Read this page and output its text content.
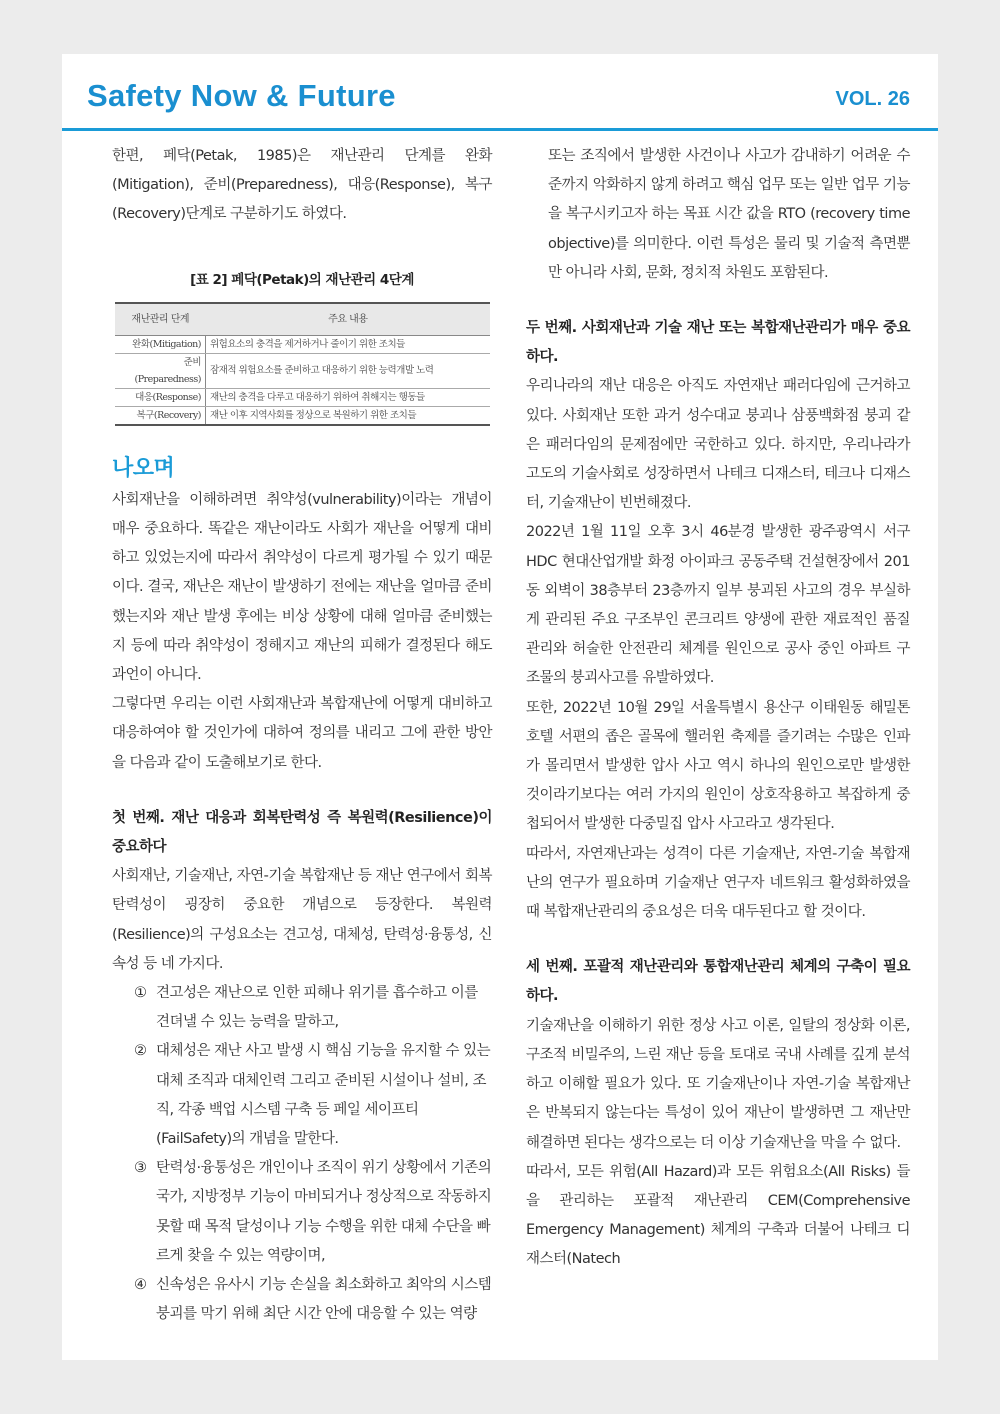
Safety Now & Future	VOL. 26

한편, 페닥(Petak, 1985)은 재난관리 단계를 완화(Mitigation), 준비(Preparedness), 대응(Response), 복구(Recovery)단계로 구분하기도 하였다.

[표 2] 페닥(Petak)의 재난관리 4단계
재난관리 단계	주요 내용
완화(Mitigation)	위험요소의 충격을 제거하거나 줄이기 위한 조치들
준비(Preparedness)	잠재적 위험요소를 준비하고 대응하기 위한 능력개발 노력
대응(Response)	재난의 충격을 다루고 대응하기 위하여 취해지는 행동들
복구(Recovery)	재난 이후 지역사회를 정상으로 복원하기 위한 조치들
나오며

사회재난을 이해하려면 취약성(vulnerability)이라는 개념이 매우 중요하다. 똑같은 재난이라도 사회가 재난을 어떻게 대비하고 있었는지에 따라서 취약성이 다르게 평가될 수 있기 때문이다. 결국, 재난은 재난이 발생하기 전에는 재난을 얼마큼 준비했는지와 재난 발생 후에는 비상 상황에 대해 얼마큼 준비했는지 등에 따라 취약성이 정해지고 재난의 피해가 결정된다 해도 과언이 아니다.

그렇다면 우리는 이런 사회재난과 복합재난에 어떻게 대비하고 대응하여야 할 것인가에 대하여 정의를 내리고 그에 관한 방안을 다음과 같이 도출해보기로 한다.

첫 번째. 재난 대응과 회복탄력성 즉 복원력(Resilience)이 중요하다

사회재난, 기술재난, 자연-기술 복합재난 등 재난 연구에서 회복탄력성이 굉장히 중요한 개념으로 등장한다. 복원력(Resilience)의 구성요소는 견고성, 대체성, 탄력성·융통성, 신속성 등 네 가지다.

① 견고성은 재난으로 인한 피해나 위기를 흡수하고 이를 견뎌낼 수 있는 능력을 말하고,
② 대체성은 재난 사고 발생 시 핵심 기능을 유지할 수 있는 대체 조직과 대체인력 그리고 준비된 시설이나 설비, 조직, 각종 백업 시스템 구축 등 페일 세이프티(FailSafety)의 개념을 말한다.
③ 탄력성·융통성은 개인이나 조직이 위기 상황에서 기존의 국가, 지방정부 기능이 마비되거나 정상적으로 작동하지 못할 때 목적 달성이나 기능 수행을 위한 대체 수단을 빠르게 찾을 수 있는 역량이며,
④ 신속성은 유사시 기능 손실을 최소화하고 최악의 시스템 붕괴를 막기 위해 최단 시간 안에 대응할 수 있는 역량

또는 조직에서 발생한 사건이나 사고가 감내하기 어려운 수준까지 악화하지 않게 하려고 핵심 업무 또는 일반 업무 기능을 복구시키고자 하는 목표 시간 값을 RTO (recovery time objective)를 의미한다. 이런 특성은 물리 및 기술적 측면뿐만 아니라 사회, 문화, 정치적 차원도 포함된다.

두 번째. 사회재난과 기술 재난 또는 복합재난관리가 매우 중요하다.

우리나라의 재난 대응은 아직도 자연재난 패러다임에 근거하고 있다. 사회재난 또한 과거 성수대교 붕괴나 삼풍백화점 붕괴 같은 패러다임의 문제점에만 국한하고 있다. 하지만, 우리나라가 고도의 기술사회로 성장하면서 나테크 디재스터, 테크나 디재스터, 기술재난이 빈번해졌다.

2022년 1월 11일 오후 3시 46분경 발생한 광주광역시 서구 HDC 현대산업개발 화정 아이파크 공동주택 건설현장에서 201동 외벽이 38층부터 23층까지 일부 붕괴된 사고의 경우 부실하게 관리된 주요 구조부인 콘크리트 양생에 관한 재료적인 품질관리와 허술한 안전관리 체계를 원인으로 공사 중인 아파트 구조물의 붕괴사고를 유발하였다.

또한, 2022년 10월 29일 서울특별시 용산구 이태원동 해밀톤호텔 서편의 좁은 골목에 핼러윈 축제를 즐기려는 수많은 인파가 몰리면서 발생한 압사 사고 역시 하나의 원인으로만 발생한 것이라기보다는 여러 가지의 원인이 상호작용하고 복잡하게 중첩되어서 발생한 다중밀집 압사 사고라고 생각된다.

따라서, 자연재난과는 성격이 다른 기술재난, 자연-기술 복합재난의 연구가 필요하며 기술재난 연구자 네트워크 활성화하였을 때 복합재난관리의 중요성은 더욱 대두된다고 할 것이다.

세 번째. 포괄적 재난관리와 통합재난관리 체계의 구축이 필요하다.

기술재난을 이해하기 위한 정상 사고 이론, 일탈의 정상화 이론, 구조적 비밀주의, 느린 재난 등을 토대로 국내 사례를 깊게 분석하고 이해할 필요가 있다. 또 기술재난이나 자연-기술 복합재난은 반복되지 않는다는 특성이 있어 재난이 발생하면 그 재난만 해결하면 된다는 생각으로는 더 이상 기술재난을 막을 수 없다.

따라서, 모든 위험(All Hazard)과 모든 위험요소(All Risks) 들을 관리하는 포괄적 재난관리 CEM(Comprehensive Emergency Management) 체계의 구축과 더불어 나테크 디재스터(Natech
